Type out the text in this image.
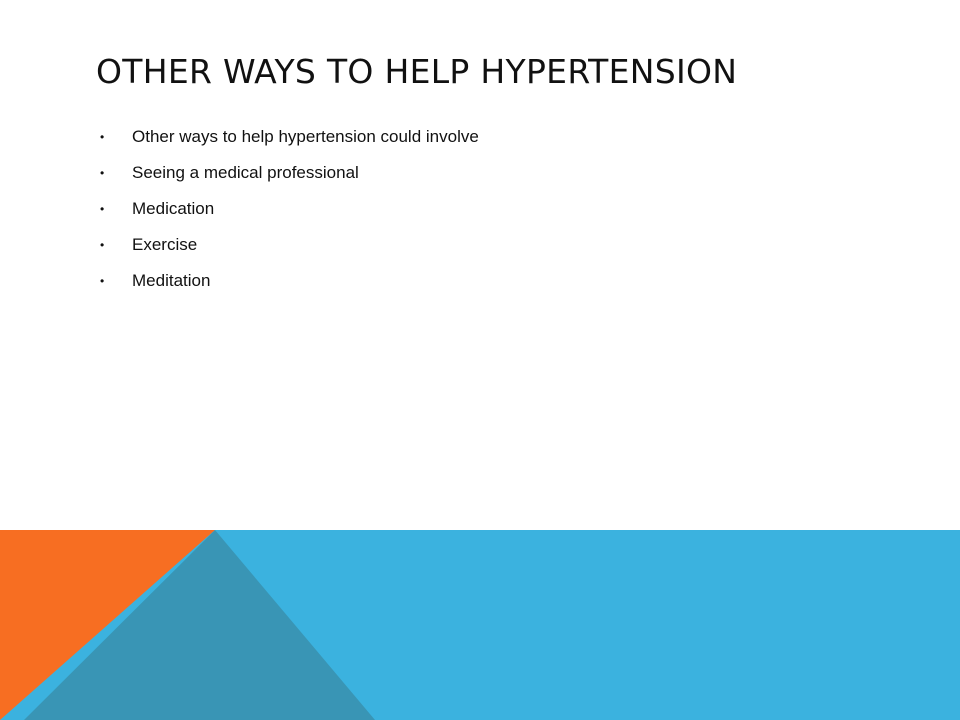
OTHER WAYS TO HELP HYPERTENSION
• Other ways to help hypertension could involve
• Seeing a medical professional
• Medication
• Exercise
• Meditation
